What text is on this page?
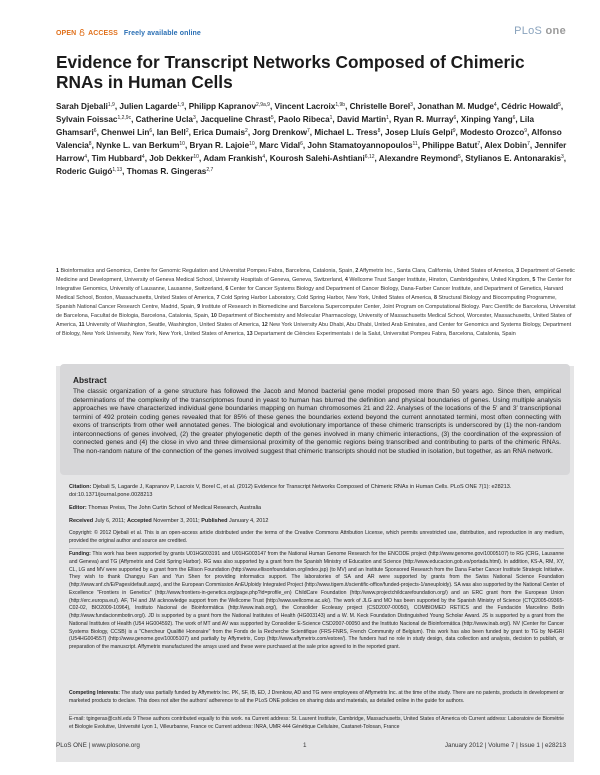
OPEN ACCESS Freely available online	PLoS one
Evidence for Transcript Networks Composed of Chimeric RNAs in Human Cells
Sarah Djebali$^{1,9}$, Julien Lagarde$^{1,9}$, Philipp Kapranov$^{2,9a,9}$, Vincent Lacroix$^{1,9b}$, Christelle Borel$^3$, Jonathan M. Mudge$^4$, Cédric Howald$^5$, Sylvain Foissac$^{1,2,9c}$, Catherine Ucla$^3$, Jacqueline Chrast$^5$, Paolo Ribeca$^1$, David Martin$^1$, Ryan R. Murray$^6$, Xinping Yang$^6$, Lila Ghamsari$^6$, Chenwei Lin$^6$, Ian Bell$^2$, Erica Dumais$^2$, Jorg Drenkow$^7$, Michael L. Tress$^8$, Josep Lluís Gelpí$^9$, Modesto Orozco$^9$, Alfonso Valencia$^8$, Nynke L. van Berkum$^{10}$, Bryan R. Lajoie$^{10}$, Marc Vidal$^6$, John Stamatoyannopoulos$^{11}$, Philippe Batut$^7$, Alex Dobin$^7$, Jennifer Harrow$^4$, Tim Hubbard$^4$, Job Dekker$^{10}$, Adam Frankish$^4$, Kourosh Salehi-Ashtiani$^{6,12}$, Alexandre Reymond$^5$, Stylianos E. Antonarakis$^3$, Roderic Guigó$^{1,13}$, Thomas R. Gingeras$^{2,7}$
1 Bioinformatics and Genomics, Centre for Genomic Regulation and Universitat Pompeu Fabra, Barcelona, Catalonia, Spain, 2 Affymetrix Inc., Santa Clara, California, United States of America, 3 Department of Genetic Medicine and Development, University of Geneva Medical School, University Hospitals of Geneva, Geneva, Switzerland, 4 Wellcome Trust Sanger Institute, Hinxton, Cambridgeshire, United Kingdom, 5 The Center for Integrative Genomics, University of Lausanne, Lausanne, Switzerland, 6 Center for Cancer Systems Biology and Department of Cancer Biology, Dana-Farber Cancer Institute, and Department of Genetics, Harvard Medical School, Boston, Massachusetts, United States of America, 7 Cold Spring Harbor Laboratory, Cold Spring Harbor, New York, United States of America, 8 Structural Biology and Biocomputing Programme, Spanish National Cancer Research Centre, Madrid, Spain, 9 Institute of Research in Biomedicine and Barcelona Supercomputer Center, Joint Program on Computational Biology. Parc Científic de Barcelona, Universitat de Barcelona, Facultat de Biologia, Barcelona, Catalonia, Spain, 10 Department of Biochemistry and Molecular Pharmacology, University of Massachusetts Medical School, Worcester, Massachusetts, United States of America, 11 University of Washington, Seattle, Washington, United States of America, 12 New York University Abu Dhabi, Abu Dhabi, United Arab Emirates, and Center for Genomics and Systems Biology, Department of Biology, New York University, New York, New York, United States of America, 13 Departament de Ciències Experimentals i de la Salut, Universitat Pompeu Fabra, Barcelona, Catalonia, Spain
Abstract
The classic organization of a gene structure has followed the Jacob and Monod bacterial gene model proposed more than 50 years ago. Since then, empirical determinations of the complexity of the transcriptomes found in yeast to human has blurred the definition and physical boundaries of genes. Using multiple analysis approaches we have characterized individual gene boundaries mapping on human chromosomes 21 and 22. Analyses of the locations of the 5′ and 3′ transcriptional termini of 492 protein coding genes revealed that for 85% of these genes the boundaries extend beyond the current annotated termini, most often connecting with exons of transcripts from other well annotated genes. The biological and evolutionary importance of these chimeric transcripts is underscored by (1) the non-random interconnections of genes involved, (2) the greater phylogenetic depth of the genes involved in many chimeric interactions, (3) the coordination of the expression of connected genes and (4) the close in vivo and three dimensional proximity of the genomic regions being transcribed and contributing to parts of the chimeric RNAs. The non-random nature of the connection of the genes involved suggest that chimeric transcripts should not be studied in isolation, but together, as an RNA network.
Citation: Djebali S, Lagarde J, Kapranov P, Lacroix V, Borel C, et al. (2012) Evidence for Transcript Networks Composed of Chimeric RNAs in Human Cells. PLoS ONE 7(1): e28213. doi:10.1371/journal.pone.0028213
Editor: Thomas Preiss, The John Curtin School of Medical Research, Australia
Received July 6, 2011; Accepted November 3, 2011; Published January 4, 2012
Copyright: © 2012 Djebali et al. This is an open-access article distributed under the terms of the Creative Commons Attribution License, which permits unrestricted use, distribution, and reproduction in any medium, provided the original author and source are credited.
Funding: This work has been supported by grants U01HG003191 and U01HG003147 from the National Human Genome Research for the ENCODE project (http://www.genome.gov/10005107) to RG (CRG, Lausanne and Geneva) and TG (Affymetrix and Cold Spring Harbor). RG was also supported by a grant from the Spanish Ministry of Education and Science (http://www.educacion.gob.es/portada.html). In addition, KS-A, RM, XY, CL, LG and MV were supported by a grant from the Ellison Foundation (http://www.ellisonfoundation.org/index.jsp) (to MV) and an Institute Sponsored Research from the Dana Farber Cancer Institute Strategic Initiative. They wish to thank Changyu Fan and Yun Shen for providing informatics support. The laboratories of SA and AR were supported by grants from the Swiss National Science Foundation (http://www.snf.ch/E/Pages/default.aspx), and the European Commission AnEUploidy Integrated Project (http://www.tigem.it/scientific-office/funded-projects-1/aneuploidy). SA was also supported by the National Center of Excellence "Frontiers in Genetics" (http://www.frontiers-in-genetics.org/page.php?id=profile_en) ChildCare Foundation (http://www.projectchildcarefoundation.org/) and an ERC grant from the European Union (http://erc.europa.eu/). AF, TH and JM acknowledge support from the Wellcome Trust (http://www.wellcome.ac.uk/). The work of JLG and MO has been supported by the Spanish Ministry of Science (CTQ2005-09365-C02-02, BIO2009-10964), Instituto Nacional de Bioinformática (http://www.inab.org/), the Consolider Ecoleasy project (CSD2007-00050), COMBIOMED RETICS and the Fundación Marcelino Botín (http://www.fundacionmbotin.org/). JD is supported by a grant from the National Institutes of Health (HG003143) and a W. M. Keck Foundation Distinguished Young Scholar Award. JS is supported by a grant from the National Institutes of Health (U54 HG004592). The work of MT and AV was supported by Consolider E-Science CSD2007-00050 and the Instituto Nacional de Bioinformática (http://www.inab.org/). NV (Center for Cancer Systems Biology, CCSB) is a "Chercheur Qualifié Honoraire" from the Fonds de la Recherche Scientifique (FRS-FNRS, French Community of Belgium). This work has also been funded by grant to TG by NHGRI (U54HG004557) (http://www.genome.gov/10005107) and partially by Affymetrix, Corp (http://www.affymetrix.com/estore/). The funders had no role in study design, data collection and analysis, decision to publish, or preparation of the manuscript. Affymetrix manufactured the arrays used and these were purchased at the sale price agreed to in the reported grant.
Competing Interests: The study was partially funded by Affymetrix Inc. PK, SF, IB, ED, J Drenkow, AD and TG were employees of Affymetrix Inc. at the time of the study. There are no patents, products in development or marketed products to declare. This does not alter the authors' adherence to all the PLoS ONE policies on sharing data and materials, as detailed online in the guide for authors.
E-mail: tgingeras@cshl.edu 9 These authors contributed equally to this work. ¤a Current address: St. Laurent Institute, Cambridge, Massachusetts, United States of America ¤b Current address: Laboratoire de Biométrie et Biologie Evolutive, Université Lyon 1, Villeurbanne, France ¤c Current address: INRA, UMR 444 Génétique Cellulaire, Castanet-Tolosan, France
PLoS ONE | www.plosone.org	1	January 2012 | Volume 7 | Issue 1 | e28213
